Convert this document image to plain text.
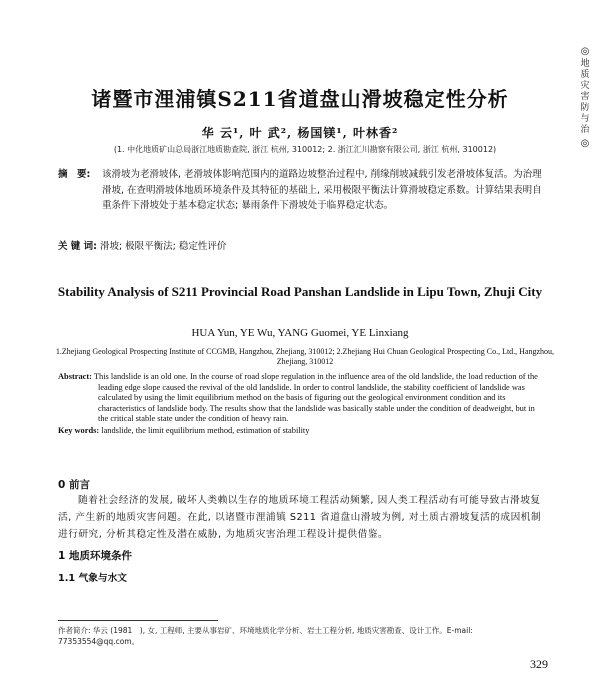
◎
地质灾害防与治
◎
诸暨市浬浦镇S211省道盘山滑坡稳定性分析
华 云¹, 叶 武², 杨国镁¹, 叶林香²
(1. 中化地质矿山总局浙江地质勘查院, 浙江 杭州, 310012; 2. 浙江汇川勘察有限公司, 浙江 杭州, 310012)
摘　要:	该滑坡为老滑坡体, 老滑坡体影响范围内的道路边坡整治过程中, 削缘削坡减载引发老滑坡体复活。为治理滑坡, 在查明滑坡体地质环境条件及其特征的基础上, 采用极限平衡法计算滑坡稳定系数。计算结果表明自重条件下滑坡处于基本稳定状态; 暴雨条件下滑坡处于临界稳定状态。
关 键 词: 滑坡; 极限平衡法; 稳定性评价
Stability Analysis of S211 Provincial Road Panshan Landslide in Lipu Town, Zhuji City
HUA Yun, YE Wu, YANG Guomei, YE Linxiang
1.Zhejiang Geological Prospecting Institute of CCGMB, Hangzhou, Zhejiang, 310012; 2.Zhejiang Hui Chuan Geological Prospecting Co., Ltd., Hangzhou, Zhejiang, 310012
Abstract: This landslide is an old one. In the course of road slope regulation in the influence area of the old landslide, the load reduction of the leading edge slope caused the revival of the old landslide. In order to control landslide, the stability coefficient of landslide was calculated by using the limit equilibrium method on the basis of figuring out the geological environment condition and its characteristics of landslide body. The results show that the landslide was basically stable under the condition of deadweight, but in the critical stable state under the condition of heavy rain.
Key words: landslide, the limit equilibrium method, estimation of stability
0 前言
随着社会经济的发展, 破坏人类赖以生存的地质环境工程活动频繁, 因人类工程活动有可能导致古滑坡复活, 产生新的地质灾害问题。在此, 以诸暨市浬浦镇 S211 省道盘山滑坡为例, 对土质古滑坡复活的成因机制进行研究, 分析其稳定性及潜在威胁, 为地质灾害治理工程设计提供借鉴。
1 地质环境条件
1.1 气象与水文
作者简介: 华云 (1981　), 女, 工程师, 主要从事岩矿、环境地质化学分析、岩土工程分析, 地质灾害勘查、设计工作。E-mail: 77353554@qq.com。
329
